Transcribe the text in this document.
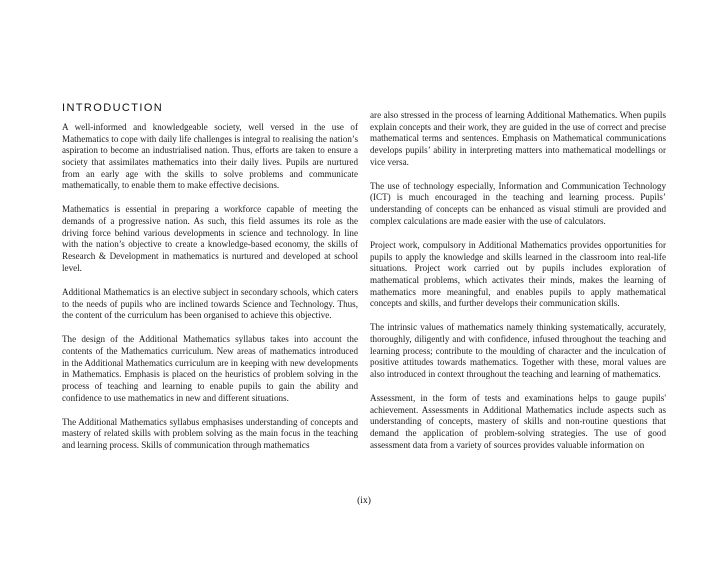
INTRODUCTION

A well-informed and knowledgeable society, well versed in the use of Mathematics to cope with daily life challenges is integral to realising the nation’s aspiration to become an industrialised nation. Thus, efforts are taken to ensure a society that assimilates mathematics into their daily lives. Pupils are nurtured from an early age with the skills to solve problems and communicate mathematically, to enable them to make effective decisions.

Mathematics is essential in preparing a workforce capable of meeting the demands of a progressive nation. As such, this field assumes its role as the driving force behind various developments in science and technology. In line with the nation’s objective to create a knowledge-based economy, the skills of Research & Development in mathematics is nurtured and developed at school level.

Additional Mathematics is an elective subject in secondary schools, which caters to the needs of pupils who are inclined towards Science and Technology. Thus, the content of the curriculum has been organised to achieve this objective.

The design of the Additional Mathematics syllabus takes into account the contents of the Mathematics curriculum. New areas of mathematics introduced in the Additional Mathematics curriculum are in keeping with new developments in Mathematics. Emphasis is placed on the heuristics of problem solving in the process of teaching and learning to enable pupils to gain the ability and confidence to use mathematics in new and different situations.

The Additional Mathematics syllabus emphasises understanding of concepts and mastery of related skills with problem solving as the main focus in the teaching and learning process. Skills of communication through mathematics

are also stressed in the process of learning Additional Mathematics. When pupils explain concepts and their work, they are guided in the use of correct and precise mathematical terms and sentences. Emphasis on Mathematical communications develops pupils’ ability in interpreting matters into mathematical modellings or vice versa.

The use of technology especially, Information and Communication Technology (ICT) is much encouraged in the teaching and learning process. Pupils’ understanding of concepts can be enhanced as visual stimuli are provided and complex calculations are made easier with the use of calculators.

Project work, compulsory in Additional Mathematics provides opportunities for pupils to apply the knowledge and skills learned in the classroom into real-life situations. Project work carried out by pupils includes exploration of mathematical problems, which activates their minds, makes the learning of mathematics more meaningful, and enables pupils to apply mathematical concepts and skills, and further develops their communication skills.

The intrinsic values of mathematics namely thinking systematically, accurately, thoroughly, diligently and with confidence, infused throughout the teaching and learning process; contribute to the moulding of character and the inculcation of positive attitudes towards mathematics. Together with these, moral values are also introduced in context throughout the teaching and learning of mathematics.

Assessment, in the form of tests and examinations helps to gauge pupils' achievement. Assessments in Additional Mathematics include aspects such as understanding of concepts, mastery of skills and non-routine questions that demand the application of problem-solving strategies. The use of good assessment data from a variety of sources provides valuable information on

(ix)
